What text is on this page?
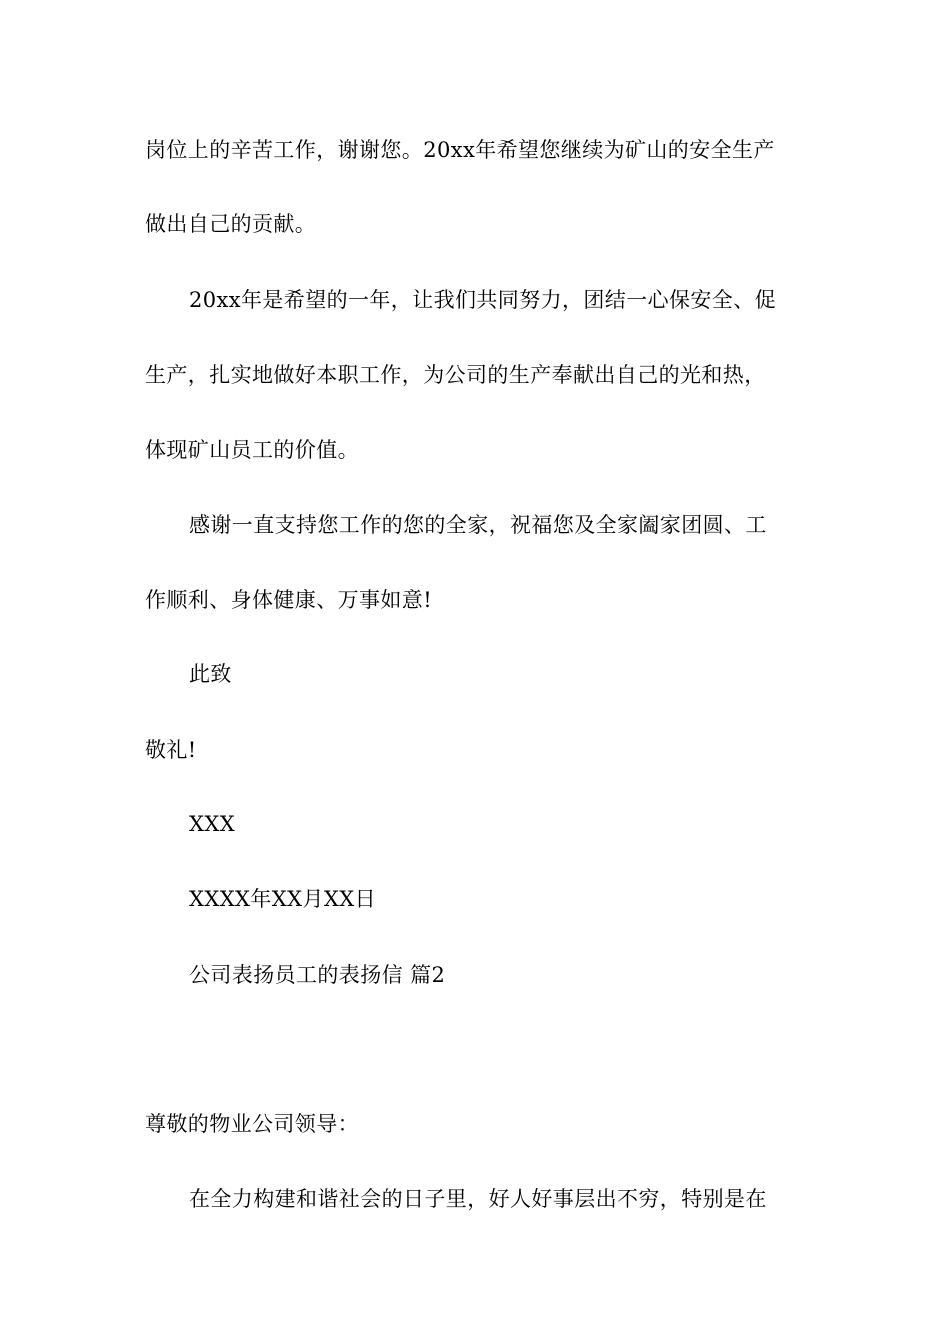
岗位上的辛苦工作，谢谢您。20xx年希望您继续为矿山的安全生产
做出自己的贡献。
20xx年是希望的一年，让我们共同努力，团结一心保安全、促
生产，扎实地做好本职工作，为公司的生产奉献出自己的光和热，
体现矿山员工的价值。
感谢一直支持您工作的您的全家，祝福您及全家阖家团圆、工
作顺利、身体健康、万事如意!
此致
敬礼!
XXX
XXXX年XX月XX日
公司表扬员工的表扬信 篇2
尊敬的物业公司领导：
在全力构建和谐社会的日子里，好人好事层出不穷，特别是在
